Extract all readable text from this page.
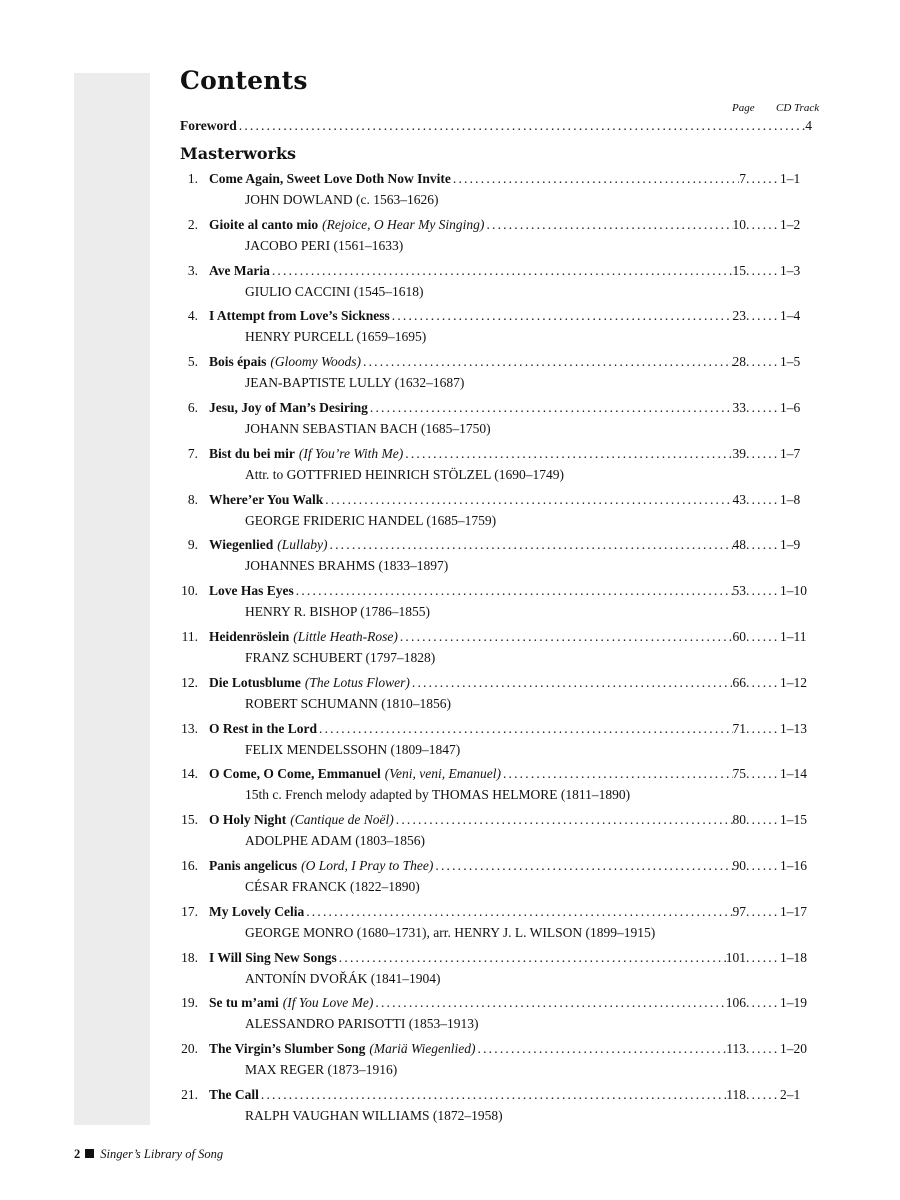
Contents
Page CD Track
Foreword .....	4
Masterworks
1. Come Again, Sweet Love Doth Now Invite .....	7 ........	1–1
JOHN DOWLAND (c. 1563–1626)
2. Gioite al canto mio (Rejoice, O Hear My Singing) .....	10 ........	1–2
JACOBO PERI (1561–1633)
3. Ave Maria .....	15 ........	1–3
GIULIO CACCINI (1545–1618)
4. I Attempt from Love’s Sickness .....	23 ........	1–4
HENRY PURCELL (1659–1695)
5. Bois épais (Gloomy Woods) .....	28 ........	1–5
JEAN-BAPTISTE LULLY (1632–1687)
6. Jesu, Joy of Man’s Desiring .....	33 ........	1–6
JOHANN SEBASTIAN BACH (1685–1750)
7. Bist du bei mir (If You’re With Me) .....	39 ........	1–7
Attr. to GOTTFRIED HEINRICH STÖLZEL (1690–1749)
8. Where’er You Walk .....	43 ........	1–8
GEORGE FRIDERIC HANDEL (1685–1759)
9. Wiegenlied (Lullaby) .....	48 ........	1–9
JOHANNES BRAHMS (1833–1897)
10. Love Has Eyes .....	53 ........	1–10
HENRY R. BISHOP (1786–1855)
11. Heidenröslein (Little Heath-Rose) .....	60 ........	1–11
FRANZ SCHUBERT (1797–1828)
12. Die Lotusblume (The Lotus Flower) .....	66 ........	1–12
ROBERT SCHUMANN (1810–1856)
13. O Rest in the Lord .....	71 ........	1–13
FELIX MENDELSSOHN (1809–1847)
14. O Come, O Come, Emmanuel (Veni, veni, Emanuel) .....	75 ........	1–14
15th c. French melody adapted by THOMAS HELMORE (1811–1890)
15. O Holy Night (Cantique de Noël) .....	80 ........	1–15
ADOLPHE ADAM (1803–1856)
16. Panis angelicus (O Lord, I Pray to Thee) .....	90 ........	1–16
CÉSAR FRANCK (1822–1890)
17. My Lovely Celia .....	97 ........	1–17
GEORGE MONRO (1680–1731), arr. HENRY J. L. WILSON (1899–1915)
18. I Will Sing New Songs .....	101 ........	1–18
ANTONÍN DVOŘÁK (1841–1904)
19. Se tu m’ami (If You Love Me) .....	106 ........	1–19
ALESSANDRO PARISOTTI (1853–1913)
20. The Virgin’s Slumber Song (Mariä Wiegenlied) .....	113 ........	1–20
MAX REGER (1873–1916)
21. The Call .....	118 ........	2–1
RALPH VAUGHAN WILLIAMS (1872–1958)
2 Singer’s Library of Song
